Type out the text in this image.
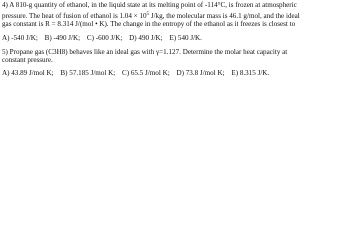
4) A 810-g quantity of ethanol, in the liquid state at its melting point of -114°C, is frozen at atmospheric
pressure. The heat of fusion of ethanol is $1.04 \times 10^5$ J/kg, the molecular mass is 46.1 g/mol, and the ideal
gas constant is R = 8.314 J/(mol • K). The change in the entropy of the ethanol as it freezes is closest to
A) -540 J/K; B) -490 J/K; C) -600 J/K; D) 490 J/K; E) 540 J/K.
5) Propane gas (C3H8) behaves like an ideal gas with γ=1.127. Determine the molar heat capacity at
constant pressure.
A) 43.89 J/mol K; B) 57.185 J/mol K; C) 65.5 J/mol K; D) 73.8 J/mol K; E) 8.315 J/K.
